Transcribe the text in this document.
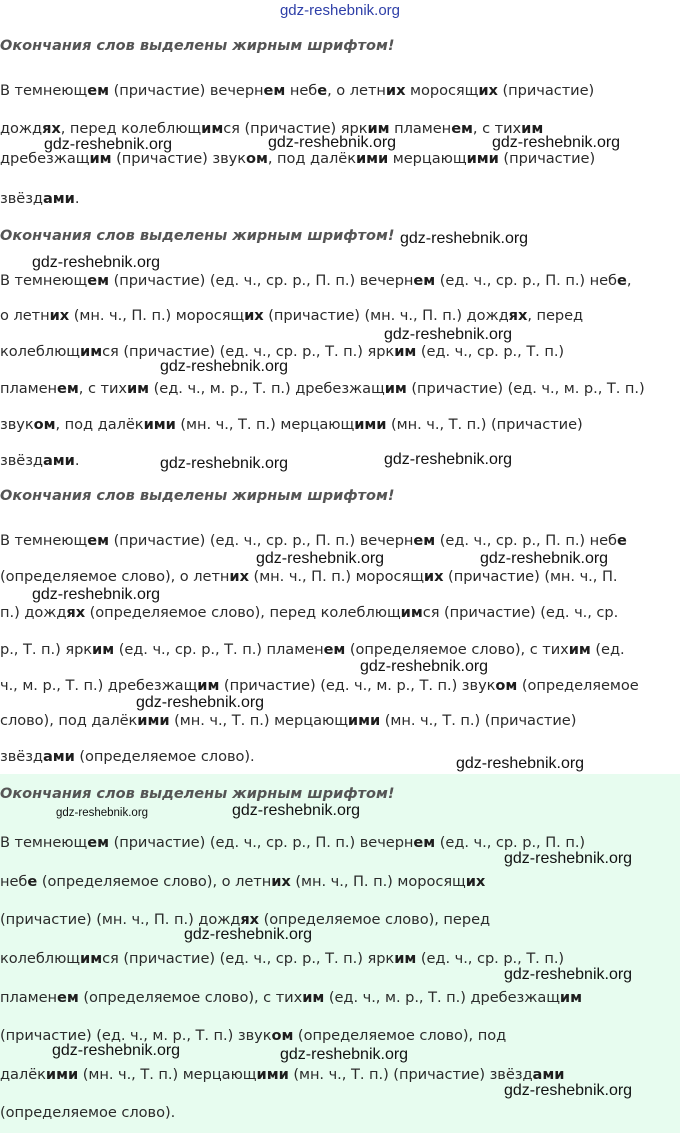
gdz-reshebnik.org
Окончания слов выделены жирным шрифтом!
В темнеющем (причастие) вечернем небе, о летних моросящих (причастие)
дождях, перед колеблющимся (причастие) ярким пламенем, с тихим
дребезжащим (причастие) звуком, под далёкими мерцающими (причастие)
звёздами.
Окончания слов выделены жирным шрифтом!
В темнеющем (причастие) (ед. ч., ср. р., П. п.) вечернем (ед. ч., ср. р., П. п.) небе,
о летних (мн. ч., П. п.) моросящих (причастие) (мн. ч., П. п.) дождях, перед
колеблющимся (причастие) (ед. ч., ср. р., Т. п.) ярким (ед. ч., ср. р., Т. п.)
пламенем, с тихим (ед. ч., м. р., Т. п.) дребезжащим (причастие) (ед. ч., м. р., Т. п.)
звуком, под далёкими (мн. ч., Т. п.) мерцающими (мн. ч., Т. п.) (причастие)
звёздами.
Окончания слов выделены жирным шрифтом!
В темнеющем (причастие) (ед. ч., ср. р., П. п.) вечернем (ед. ч., ср. р., П. п.) небе
(определяемое слово), о летних (мн. ч., П. п.) моросящих (причастие) (мн. ч., П.
п.) дождях (определяемое слово), перед колеблющимся (причастие) (ед. ч., ср.
р., Т. п.) ярким (ед. ч., ср. р., Т. п.) пламенем (определяемое слово), с тихим (ед.
ч., м. р., Т. п.) дребезжащим (причастие) (ед. ч., м. р., Т. п.) звуком (определяемое
слово), под далёкими (мн. ч., Т. п.) мерцающими (мн. ч., Т. п.) (причастие)
звёздами (определяемое слово).
Окончания слов выделены жирным шрифтом!
В темнеющем (причастие) (ед. ч., ср. р., П. п.) вечернем (ед. ч., ср. р., П. п.)
небе (определяемое слово), о летних (мн. ч., П. п.) моросящих
(причастие) (мн. ч., П. п.) дождях (определяемое слово), перед
колеблющимся (причастие) (ед. ч., ср. р., Т. п.) ярким (ед. ч., ср. р., Т. п.)
пламенем (определяемое слово), с тихим (ед. ч., м. р., Т. п.) дребезжащим
(причастие) (ед. ч., м. р., Т. п.) звуком (определяемое слово), под
далёкими (мн. ч., Т. п.) мерцающими (мн. ч., Т. п.) (причастие) звёздами
(определяемое слово).
gdz-reshebnik.org	gdz-reshebnik.org	gdz-reshebnik.org
gdz-reshebnik.org
gdz-reshebnik.org
gdz-reshebnik.org
gdz-reshebnik.org
gdz-reshebnik.org	gdz-reshebnik.org
gdz-reshebnik.org	gdz-reshebnik.org
gdz-reshebnik.org
gdz-reshebnik.org
gdz-reshebnik.org
gdz-reshebnik.org
gdz-reshebnik.org	gdz-reshebnik.org
gdz-reshebnik.org
gdz-reshebnik.org
gdz-reshebnik.org
gdz-reshebnik.org	gdz-reshebnik.org
gdz-reshebnik.org
